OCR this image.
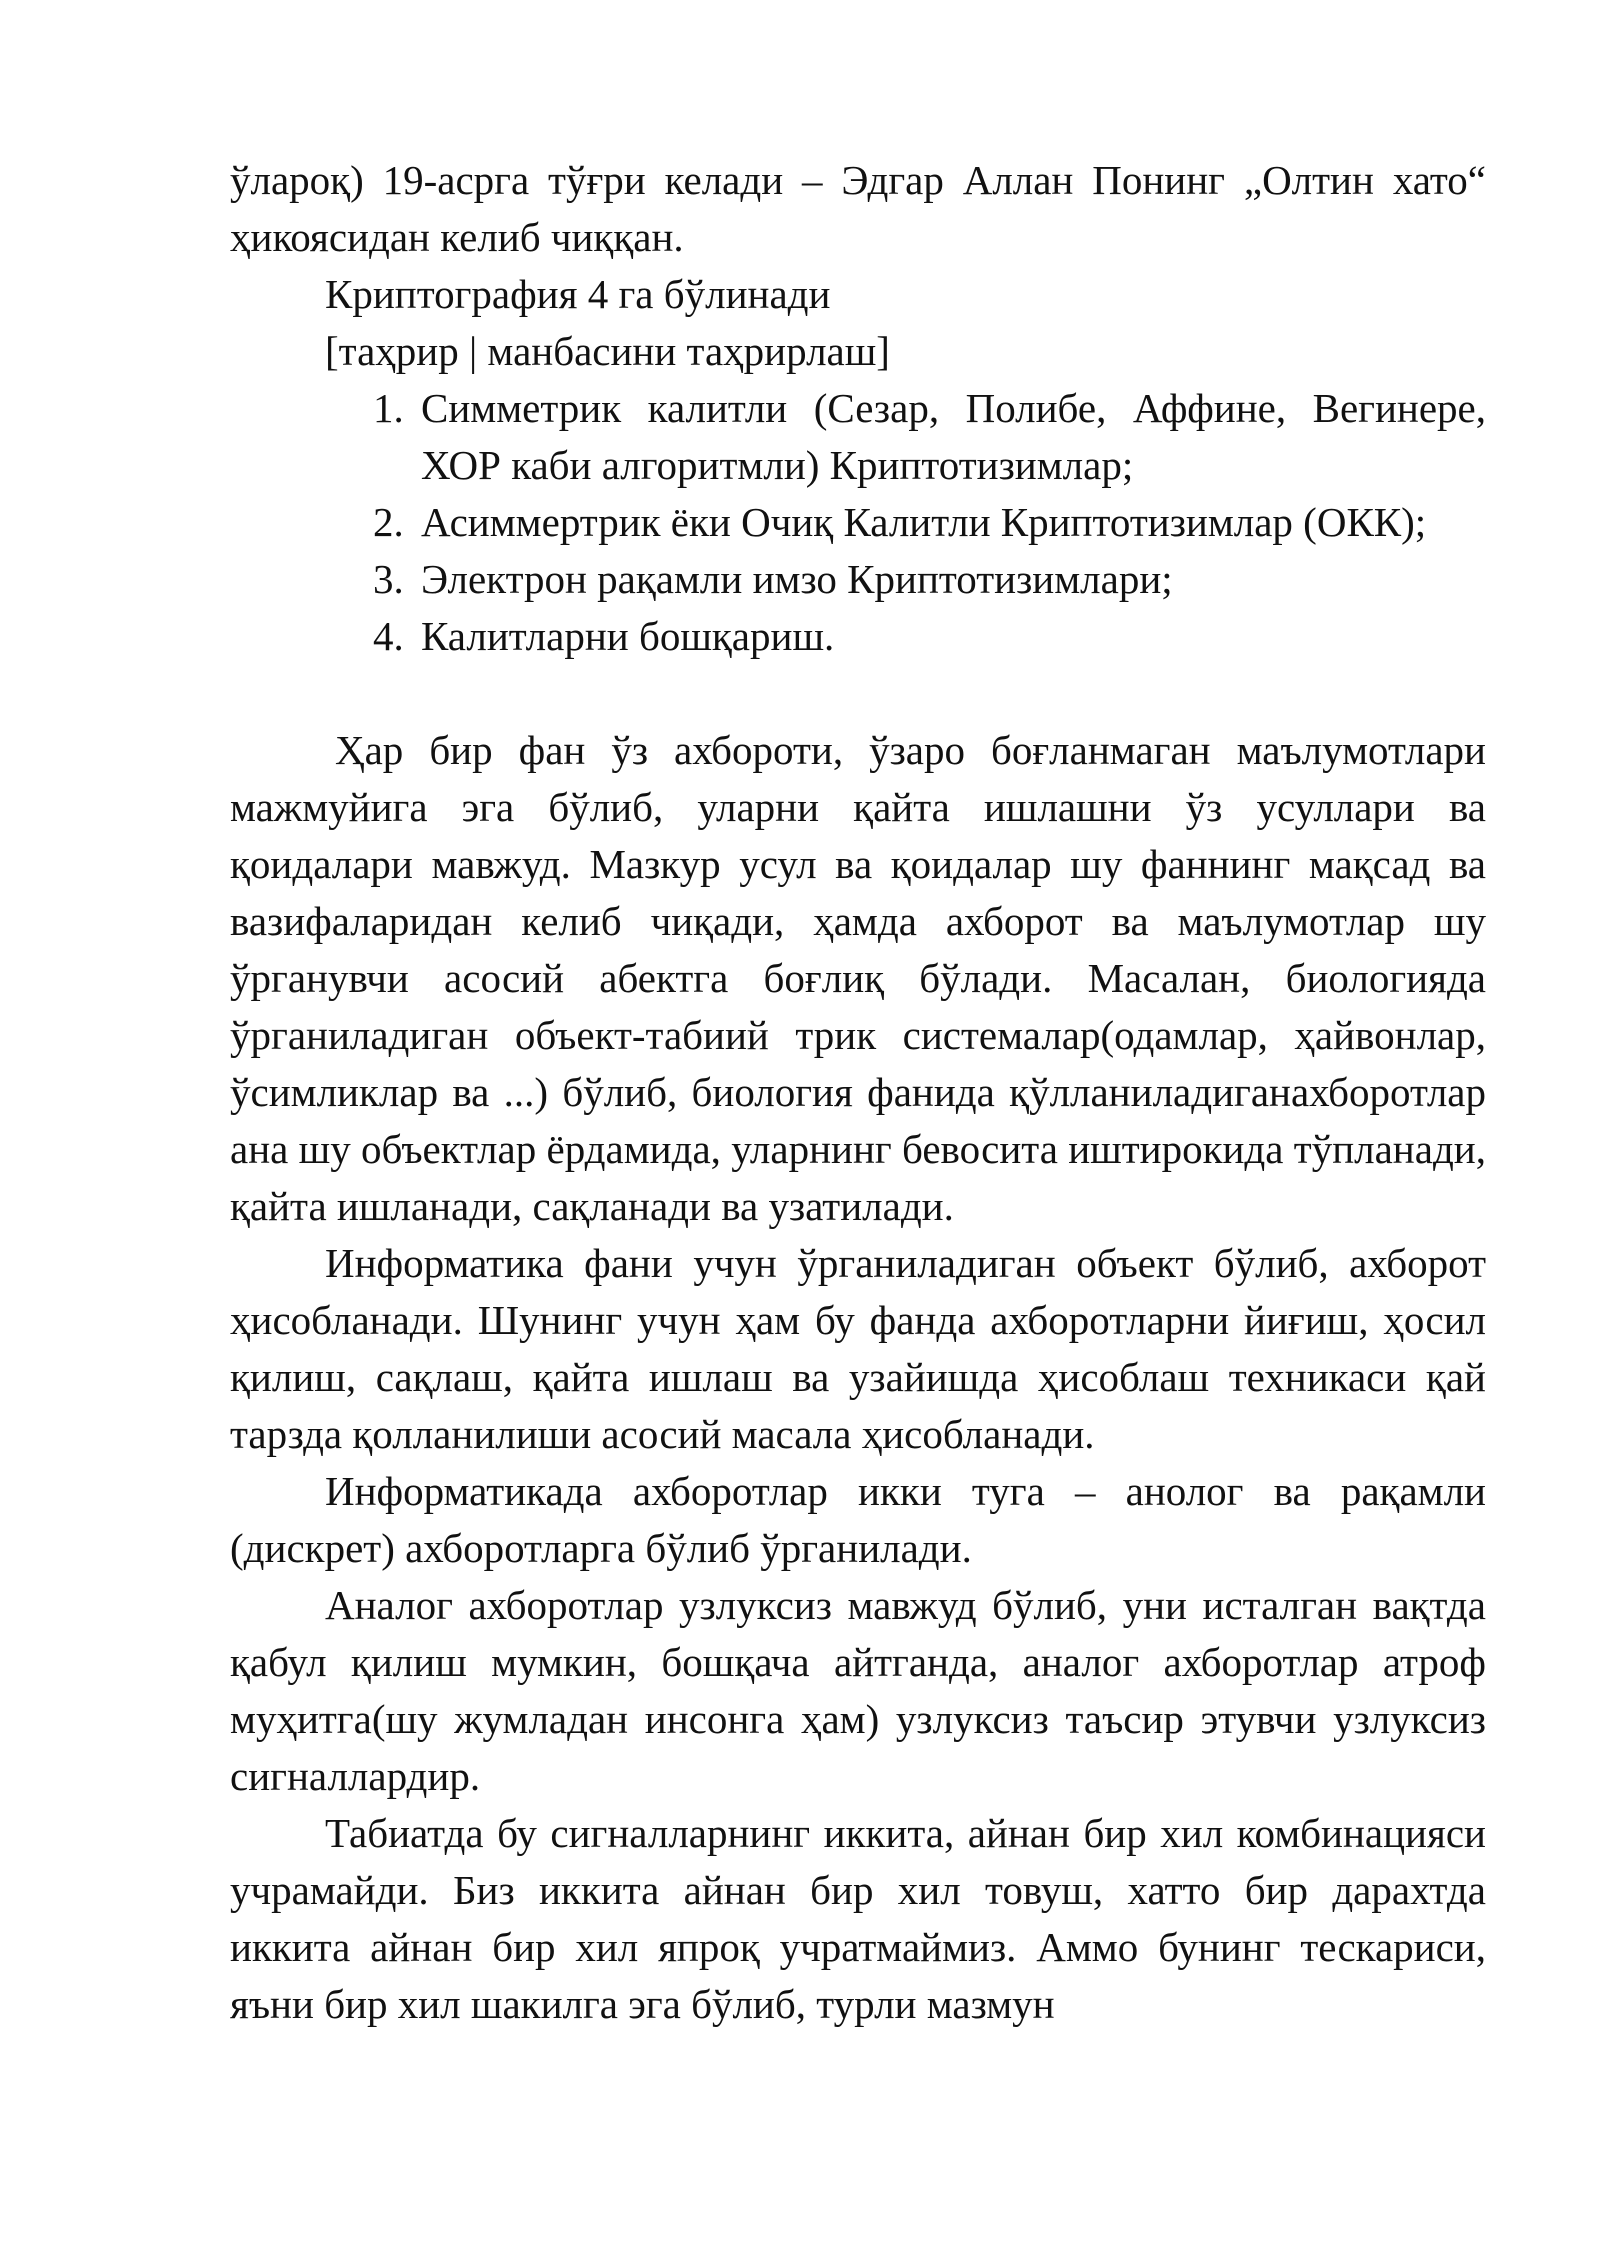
ўлароқ) 19-асрга тўғри келади – Эдгар Аллан Понинг „Олтин хато“ ҳикоясидан келиб чиққан.

Криптография 4 га бўлинади

[таҳрир | манбасини таҳрирлаш]

1. Симметрик калитли (Сезар, Полибе, Аффине, Вегинере, ХОР каби алгоритмли) Криптотизимлар;
2. Асиммертрик ёки Очиқ Калитли Криптотизимлар (ОКК);
3. Электрон рақамли имзо Криптотизимлари;
4. Калитларни бошқариш.

Ҳар бир фан ўз ахбороти, ўзаро боғланмаган маълумотлари мажмуйига эга бўлиб, уларни қайта ишлашни ўз усуллари ва қоидалари мавжуд. Мазкур усул ва қоидалар шу фаннинг мақсад ва вазифаларидан келиб чиқади, ҳамда ахборот ва маълумотлар шу ўрганувчи асосий абектга боғлиқ бўлади. Масалан, биологияда ўрганиладиган объект-табиий трик системалар(одамлар, ҳайвонлар, ўсимликлар ва ...) бўлиб, биология фанида қўлланиладиганахборотлар ана шу объектлар ёрдамида, уларнинг бевосита иштирокида тўпланади, қайта ишланади, сақланади ва узатилади.

Информатика фани учун ўрганиладиган объект бўлиб, ахборот ҳисобланади. Шунинг учун ҳам бу фанда ахборотларни йиғиш, ҳосил қилиш, сақлаш, қайта ишлаш ва узайишда ҳисоблаш техникаси қай тарзда қолланилиши асосий масала ҳисобланади.

Информатикада ахборотлар икки туга – анолог ва рақамли (дискрет) ахборотларга бўлиб ўрганилади.

Аналог ахборотлар узлуксиз мавжуд бўлиб, уни исталган вақтда қабул қилиш мумкин, бошқача айтганда, аналог ахборотлар атроф муҳитга(шу жумладан инсонга ҳам) узлуксиз таъсир этувчи узлуксиз сигналлардир.

Табиатда бу сигналларнинг иккита, айнан бир хил комбинацияси учрамайди. Биз иккита айнан бир хил товуш, хатто бир дарахтда иккита айнан бир хил япроқ учратмаймиз. Аммо бунинг тескариси, яъни бир хил шакилга эга бўлиб, турли мазмун
